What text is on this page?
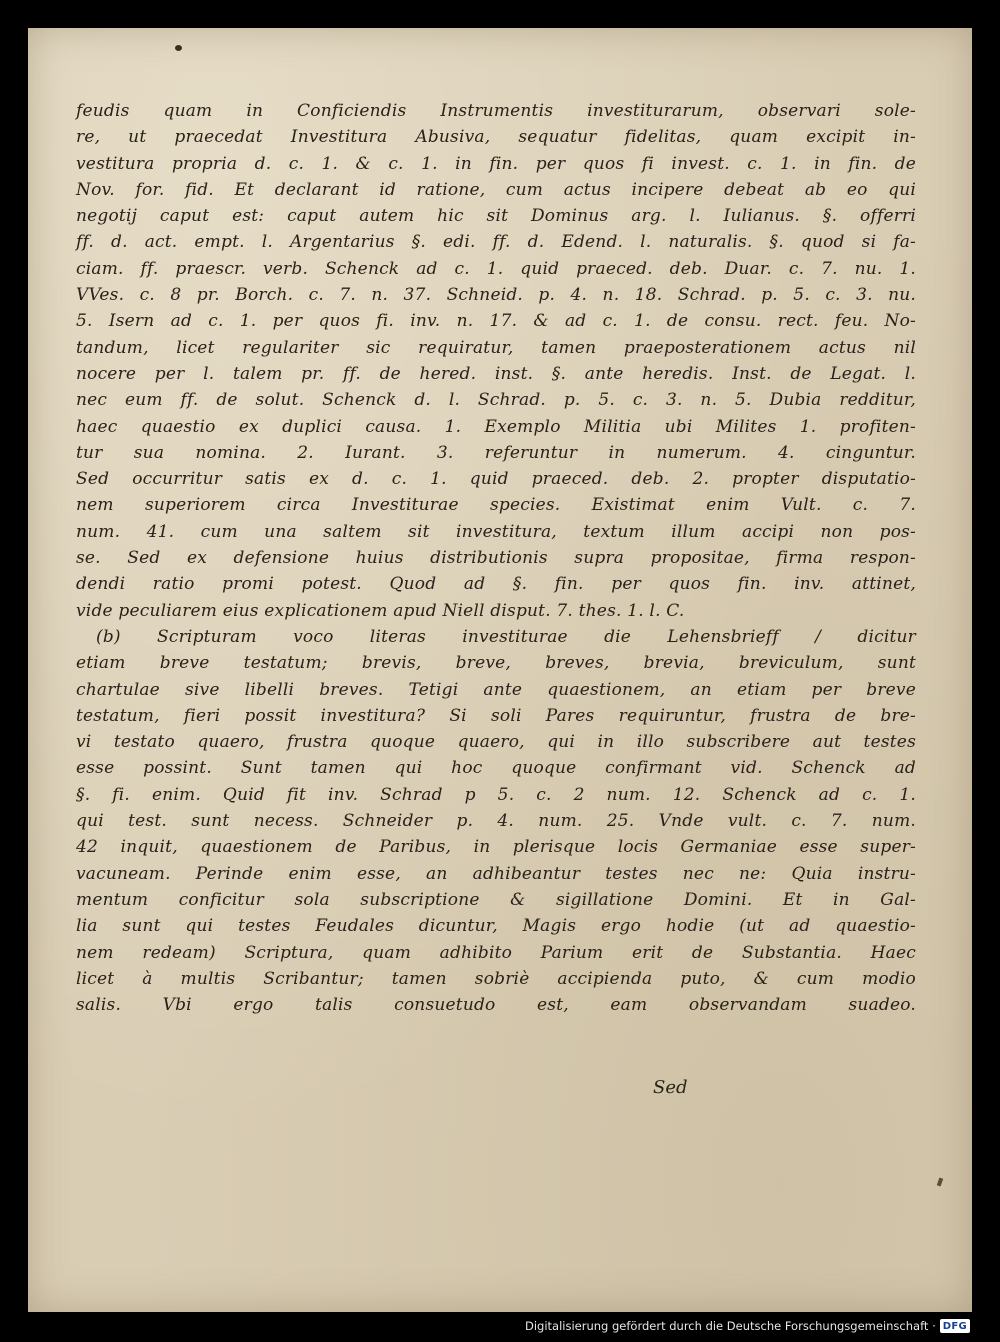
feudis quam in Conficiendis Instrumentis investiturarum, observari sole-
re, ut praecedat Investitura Abusiva, sequatur fidelitas, quam excipit in-
vestitura propria d. c. 1. & c. 1. in fin. per quos fi invest. c. 1. in fin. de
Nov. for. fid. Et declarant id ratione, cum actus incipere debeat ab eo qui
negotij caput est: caput autem hic sit Dominus arg. l. Iulianus. §. offerri
ff. d. act. empt. l. Argentarius §. edi. ff. d. Edend. l. naturalis. §. quod si fa-
ciam. ff. praescr. verb. Schenck ad c. 1. quid praeced. deb. Duar. c. 7. nu. 1.
VVes. c. 8 pr. Borch. c. 7. n. 37. Schneid. p. 4. n. 18. Schrad. p. 5. c. 3. nu.
5. Isern ad c. 1. per quos fi. inv. n. 17. & ad c. 1. de consu. rect. feu. No-
tandum, licet regulariter sic requiratur, tamen praeposterationem actus nil
nocere per l. talem pr. ff. de hered. inst. §. ante heredis. Inst. de Legat. l.
nec eum ff. de solut. Schenck d. l. Schrad. p. 5. c. 3. n. 5. Dubia redditur,
haec quaestio ex duplici causa. 1. Exemplo Militia ubi Milites 1. profiten-
tur sua nomina. 2. Iurant. 3. referuntur in numerum. 4. cinguntur.
Sed occurritur satis ex d. c. 1. quid praeced. deb. 2. propter disputatio-
nem superiorem circa Investiturae species. Existimat enim Vult. c. 7.
num. 41. cum una saltem sit investitura, textum illum accipi non pos-
se. Sed ex defensione huius distributionis supra propositae, firma respon-
dendi ratio promi potest. Quod ad §. fin. per quos fin. inv. attinet,
vide peculiarem eius explicationem apud Niell disput. 7. thes. 1. l. C.
(b) Scripturam voco literas investiturae die Lehensbrieff / dicitur
etiam breve testatum; brevis, breve, breves, brevia, breviculum, sunt
chartulae sive libelli breves. Tetigi ante quaestionem, an etiam per breve
testatum, fieri possit investitura? Si soli Pares requiruntur, frustra de bre-
vi testato quaero, frustra quoque quaero, qui in illo subscribere aut testes
esse possint. Sunt tamen qui hoc quoque confirmant vid. Schenck ad
§. fi. enim. Quid fit inv. Schrad p 5. c. 2 num. 12. Schenck ad c. 1.
qui test. sunt necess. Schneider p. 4. num. 25. Vnde vult. c. 7. num.
42 inquit, quaestionem de Paribus, in plerisque locis Germaniae esse super-
vacuneam. Perinde enim esse, an adhibeantur testes nec ne: Quia instru-
mentum conficitur sola subscriptione & sigillatione Domini. Et in Gal-
lia sunt qui testes Feudales dicuntur, Magis ergo hodie (ut ad quaestio-
nem redeam) Scriptura, quam adhibito Parium erit de Substantia. Haec
licet à multis Scribantur; tamen sobriè accipienda puto, & cum modio
salis. Vbi ergo talis consuetudo est, eam observandam suadeo.
Sed
Digitalisierung gefördert durch die Deutsche Forschungsgemeinschaft · DFG
